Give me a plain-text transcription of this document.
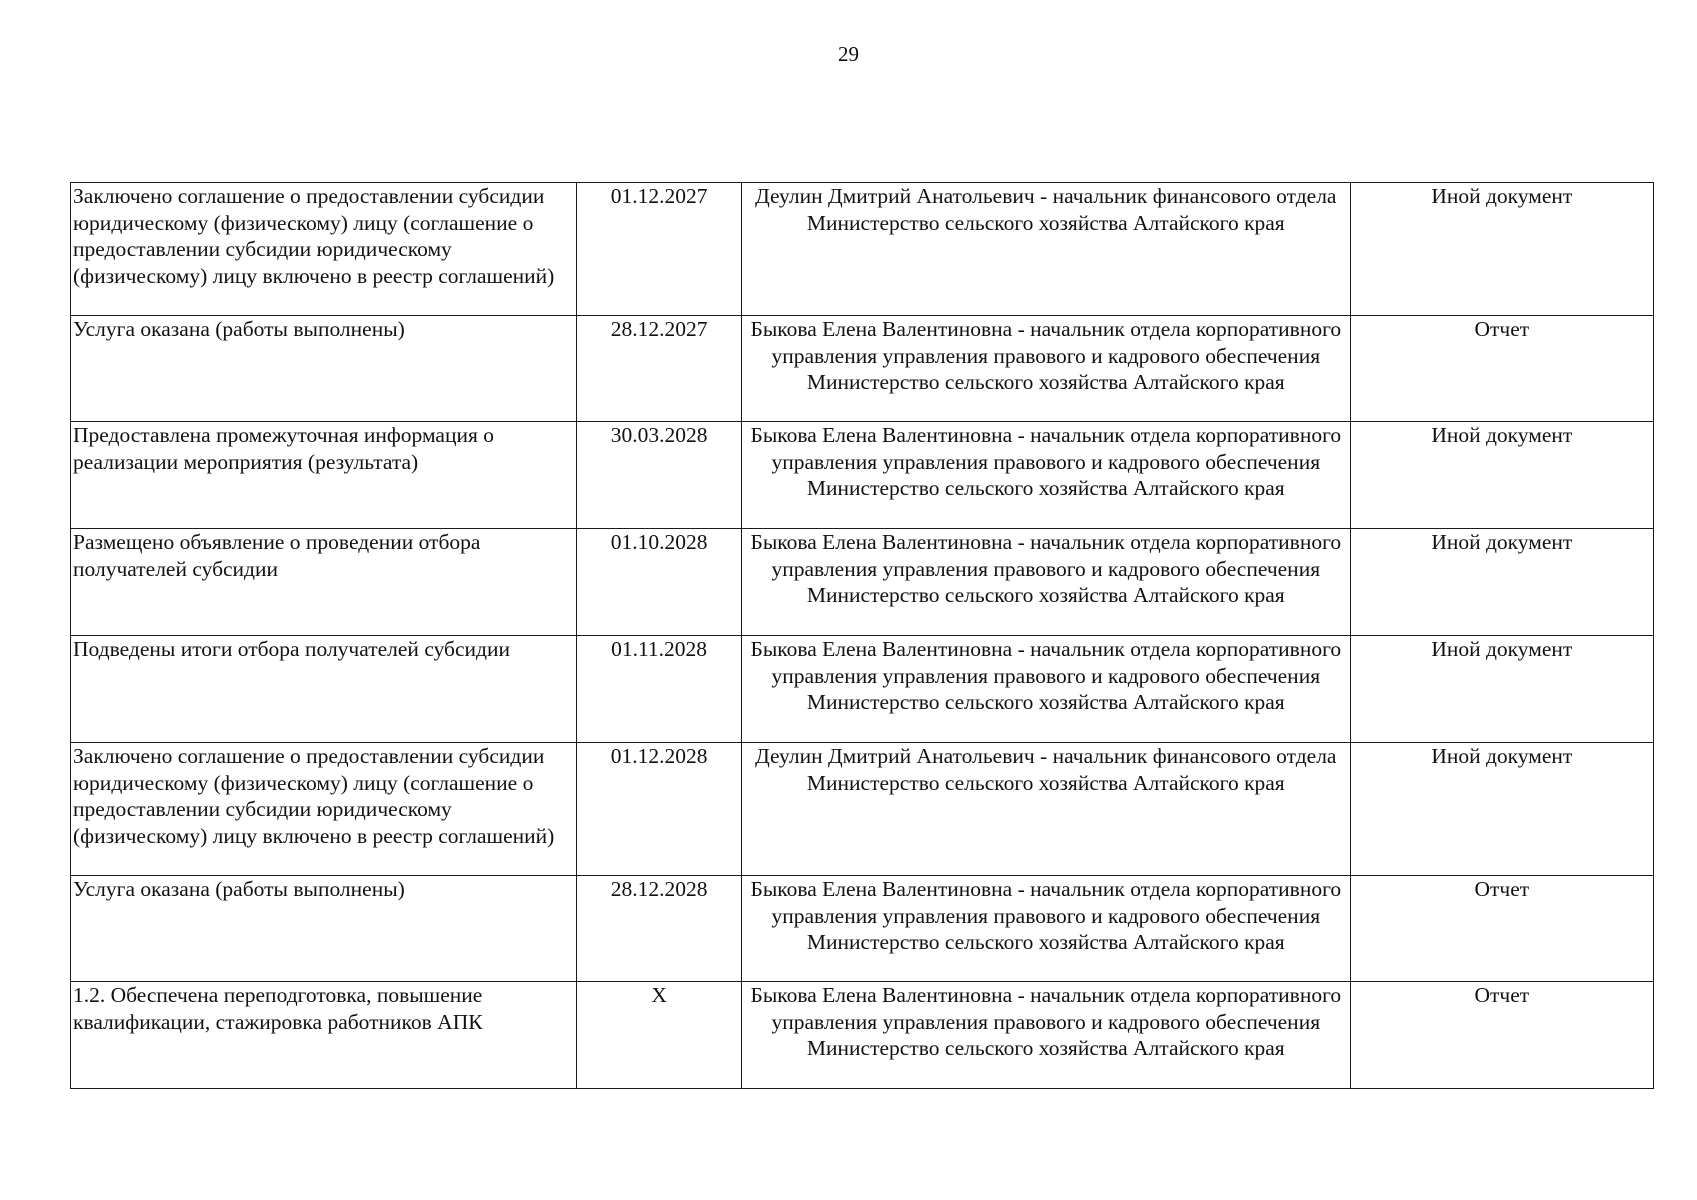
29
Заключено соглашение о предоставлении субсидии юридическому (физическому) лицу (соглашение о предоставлении субсидии юридическому (физическому) лицу включено в реестр соглашений)	01.12.2027	Деулин Дмитрий Анатольевич - начальник финансового отдела
Министерство сельского хозяйства Алтайского края	Иной документ
Услуга оказана (работы выполнены)	28.12.2027	Быкова Елена Валентиновна - начальник отдела корпоративного управления управления правового и кадрового обеспечения
Министерство сельского хозяйства Алтайского края	Отчет
Предоставлена промежуточная информация о реализации мероприятия (результата)	30.03.2028	Быкова Елена Валентиновна - начальник отдела корпоративного управления управления правового и кадрового обеспечения
Министерство сельского хозяйства Алтайского края	Иной документ
Размещено объявление о проведении отбора получателей субсидии	01.10.2028	Быкова Елена Валентиновна - начальник отдела корпоративного управления управления правового и кадрового обеспечения
Министерство сельского хозяйства Алтайского края	Иной документ
Подведены итоги отбора получателей субсидии	01.11.2028	Быкова Елена Валентиновна - начальник отдела корпоративного управления управления правового и кадрового обеспечения
Министерство сельского хозяйства Алтайского края	Иной документ
Заключено соглашение о предоставлении субсидии юридическому (физическому) лицу (соглашение о предоставлении субсидии юридическому (физическому) лицу включено в реестр соглашений)	01.12.2028	Деулин Дмитрий Анатольевич - начальник финансового отдела
Министерство сельского хозяйства Алтайского края	Иной документ
Услуга оказана (работы выполнены)	28.12.2028	Быкова Елена Валентиновна - начальник отдела корпоративного управления управления правового и кадрового обеспечения
Министерство сельского хозяйства Алтайского края	Отчет
1.2. Обеспечена переподготовка, повышение квалификации, стажировка работников АПК	X	Быкова Елена Валентиновна - начальник отдела корпоративного управления управления правового и кадрового обеспечения
Министерство сельского хозяйства Алтайского края	Отчет
